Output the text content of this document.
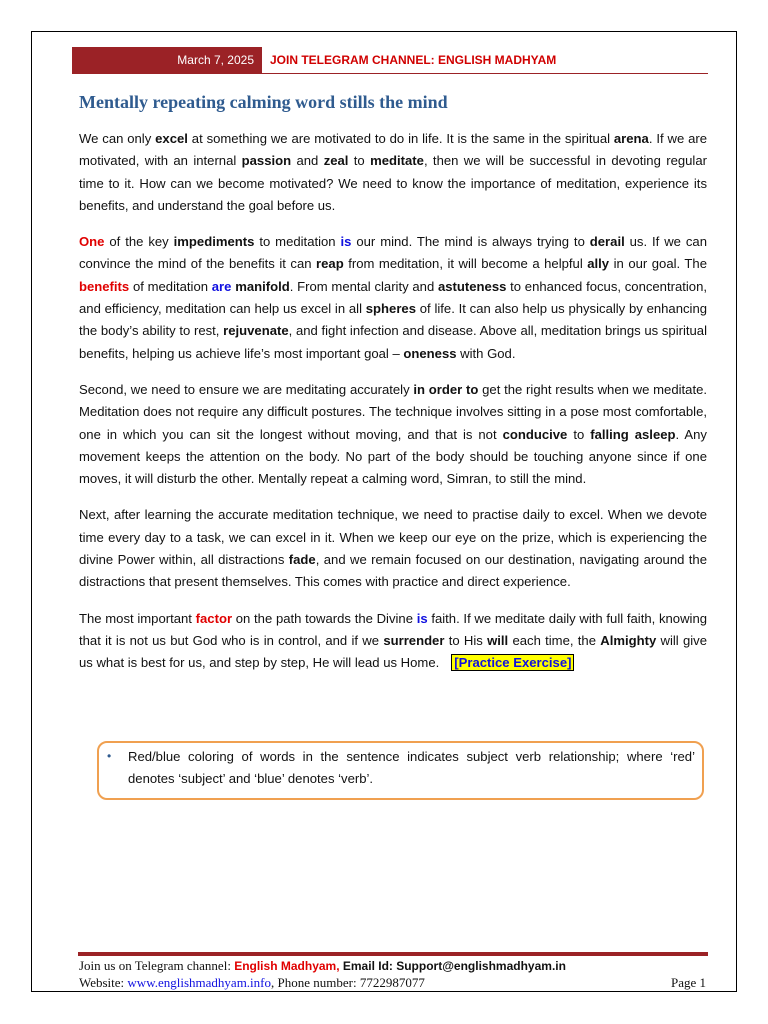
March 7, 2025	JOIN TELEGRAM CHANNEL: ENGLISH MADHYAM
Mentally repeating calming word stills the mind

We can only excel at something we are motivated to do in life. It is the same in the spiritual arena. If we are motivated, with an internal passion and zeal to meditate, then we will be successful in devoting regular time to it. How can we become motivated? We need to know the importance of meditation, experience its benefits, and understand the goal before us.

One of the key impediments to meditation is our mind. The mind is always trying to derail us. If we can convince the mind of the benefits it can reap from meditation, it will become a helpful ally in our goal. The benefits of meditation are manifold. From mental clarity and astuteness to enhanced focus, concentration, and efficiency, meditation can help us excel in all spheres of life. It can also help us physically by enhancing the body’s ability to rest, rejuvenate, and fight infection and disease. Above all, meditation brings us spiritual benefits, helping us achieve life’s most important goal – oneness with God.

Second, we need to ensure we are meditating accurately in order to get the right results when we meditate. Meditation does not require any difficult postures. The technique involves sitting in a pose most comfortable, one in which you can sit the longest without moving, and that is not conducive to falling asleep. Any movement keeps the attention on the body. No part of the body should be touching anyone since if one moves, it will disturb the other. Mentally repeat a calming word, Simran, to still the mind.

Next, after learning the accurate meditation technique, we need to practise daily to excel. When we devote time every day to a task, we can excel in it. When we keep our eye on the prize, which is experiencing the divine Power within, all distractions fade, and we remain focused on our destination, navigating around the distractions that present themselves. This comes with practice and direct experience.

The most important factor on the path towards the Divine is faith. If we meditate daily with full faith, knowing that it is not us but God who is in control, and if we surrender to His will each time, the Almighty will give us what is best for us, and step by step, He will lead us Home. [Practice Exercise]

• Red/blue coloring of words in the sentence indicates subject verb relationship; where ‘red’ denotes ‘subject’ and ‘blue’ denotes ‘verb’.
Join us on Telegram channel: English Madhyam, Email Id: Support@englishmadhyam.in
Website: www.englishmadhyam.info, Phone number: 7722987077	Page 1
